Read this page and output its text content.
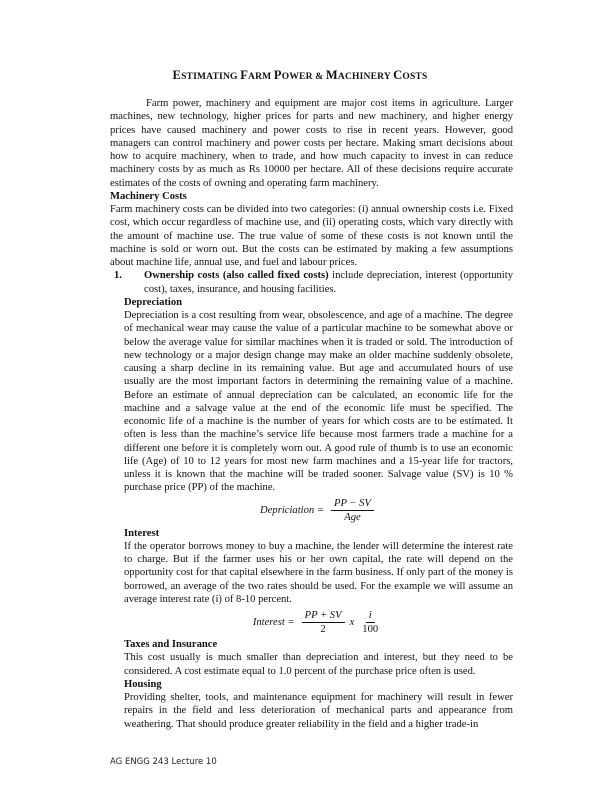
ESTIMATING FARM POWER & MACHINERY COSTS

Farm power, machinery and equipment are major cost items in agriculture. Larger machines, new technology, higher prices for parts and new machinery, and higher energy prices have caused machinery and power costs to rise in recent years. However, good managers can control machinery and power costs per hectare. Making smart decisions about how to acquire machinery, when to trade, and how much capacity to invest in can reduce machinery costs by as much as Rs 10000 per hectare. All of these decisions require accurate estimates of the costs of owning and operating farm machinery.

Machinery Costs

Farm machinery costs can be divided into two categories: (i) annual ownership costs i.e. Fixed cost, which occur regardless of machine use, and (ii) operating costs, which vary directly with the amount of machine use. The true value of some of these costs is not known until the machine is sold or worn out. But the costs can be estimated by making a few assumptions about machine life, annual use, and fuel and labour prices.

1. Ownership costs (also called fixed costs) include depreciation, interest (opportunity cost), taxes, insurance, and housing facilities.

Depreciation

Depreciation is a cost resulting from wear, obsolescence, and age of a machine. The degree of mechanical wear may cause the value of a particular machine to be somewhat above or below the average value for similar machines when it is traded or sold. The introduction of new technology or a major design change may make an older machine suddenly obsolete, causing a sharp decline in its remaining value. But age and accumulated hours of use usually are the most important factors in determining the remaining value of a machine. Before an estimate of annual depreciation can be calculated, an economic life for the machine and a salvage value at the end of the economic life must be specified. The economic life of a machine is the number of years for which costs are to be estimated. It often is less than the machine’s service life because most farmers trade a machine for a different one before it is completely worn out. A good rule of thumb is to use an economic life (Age) of 10 to 12 years for most new farm machines and a 15-year life for tractors, unless it is known that the machine will be traded sooner. Salvage value (SV) is 10 % purchase price (PP) of the machine.

Depriciation = $\frac{PP - SV}{\text{Age}}$

Interest

If the operator borrows money to buy a machine, the lender will determine the interest rate to charge. But if the farmer uses his or her own capital, the rate will depend on the opportunity cost for that capital elsewhere in the farm business. If only part of the money is borrowed, an average of the two rates should be used. For the example we will assume an average interest rate (i) of 8-10 percent.

Interest = $\frac{PP + SV}{2}$ x $\frac{i}{100}$

Taxes and Insurance

This cost usually is much smaller than depreciation and interest, but they need to be considered. A cost estimate equal to 1.0 percent of the purchase price often is used.

Housing

Providing shelter, tools, and maintenance equipment for machinery will result in fewer repairs in the field and less deterioration of mechanical parts and appearance from weathering. That should produce greater reliability in the field and a higher trade-in

AG ENGG 243 Lecture 10
